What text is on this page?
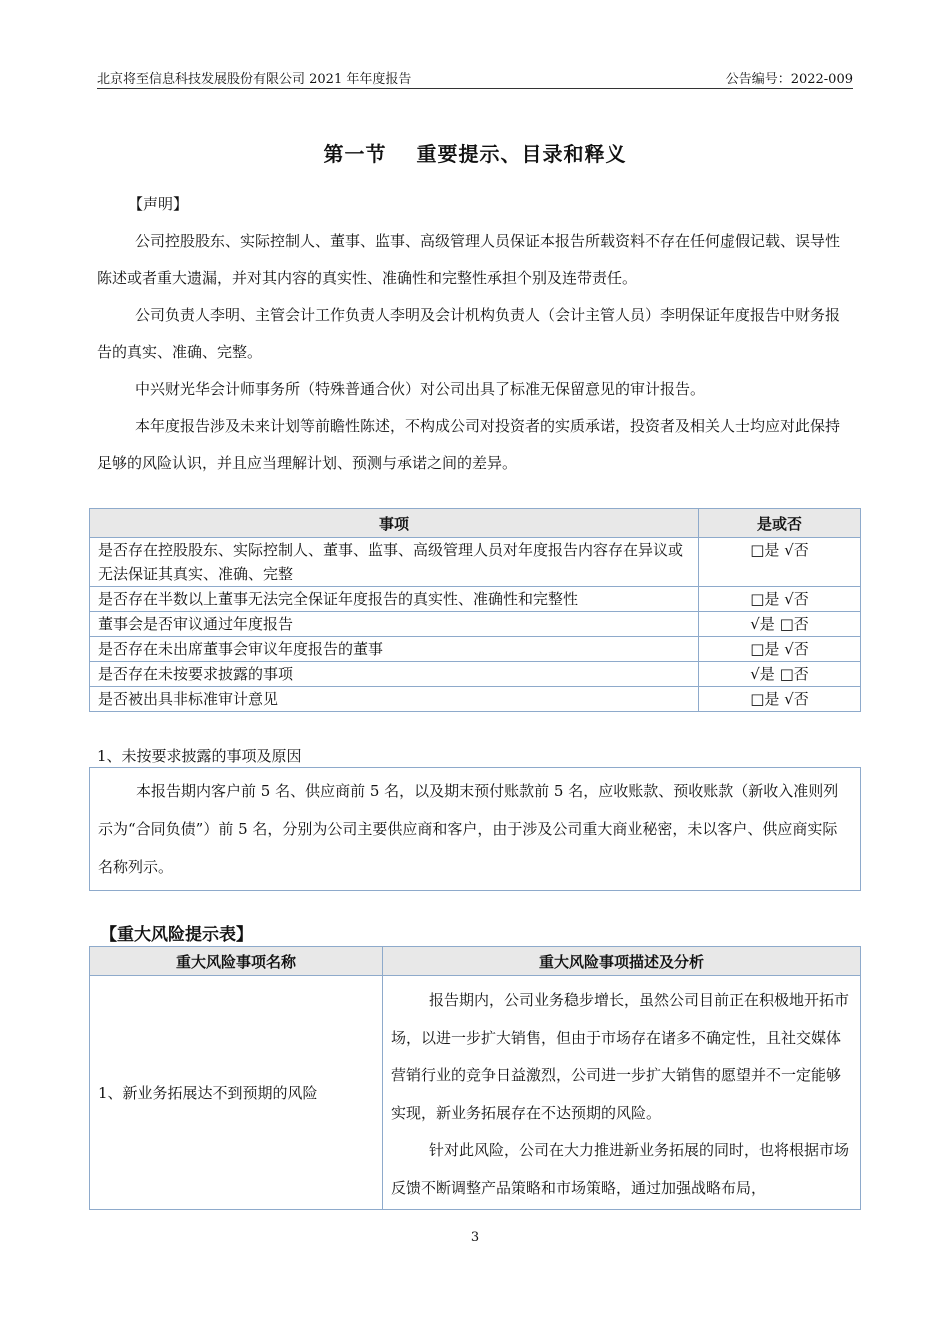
北京将至信息科技发展股份有限公司 2021 年年度报告	公告编号：2022-009
第一节 重要提示、目录和释义

【声明】

公司控股股东、实际控制人、董事、监事、高级管理人员保证本报告所载资料不存在任何虚假记载、误导性陈述或者重大遗漏，并对其内容的真实性、准确性和完整性承担个别及连带责任。

公司负责人李明、主管会计工作负责人李明及会计机构负责人（会计主管人员）李明保证年度报告中财务报告的真实、准确、完整。

中兴财光华会计师事务所（特殊普通合伙）对公司出具了标准无保留意见的审计报告。

本年度报告涉及未来计划等前瞻性陈述，不构成公司对投资者的实质承诺，投资者及相关人士均应对此保持足够的风险认识，并且应当理解计划、预测与承诺之间的差异。

事项	是或否
是否存在控股股东、实际控制人、董事、监事、高级管理人员对年度报告内容存在异议或无法保证其真实、准确、完整	□是 √否
是否存在半数以上董事无法完全保证年度报告的真实性、准确性和完整性	□是 √否
董事会是否审议通过年度报告	√是 □否
是否存在未出席董事会审议年度报告的董事	□是 √否
是否存在未按要求披露的事项	√是 □否
是否被出具非标准审计意见	□是 √否

1、未按要求披露的事项及原因

本报告期内客户前 5 名、供应商前 5 名，以及期末预付账款前 5 名，应收账款、预收账款（新收入准则列示为“合同负债”）前 5 名，分别为公司主要供应商和客户，由于涉及公司重大商业秘密，未以客户、供应商实际名称列示。
【重大风险提示表】
重大风险事项名称	重大风险事项描述及分析
1、新业务拓展达不到预期的风险	报告期内，公司业务稳步增长，虽然公司目前正在积极地开拓市场，以进一步扩大销售，但由于市场存在诸多不确定性，且社交媒体营销行业的竞争日益激烈，公司进一步扩大销售的愿望并不一定能够实现，新业务拓展存在不达预期的风险。

针对此风险，公司在大力推进新业务拓展的同时，也将根据市场反馈不断调整产品策略和市场策略，通过加强战略布局，

3
